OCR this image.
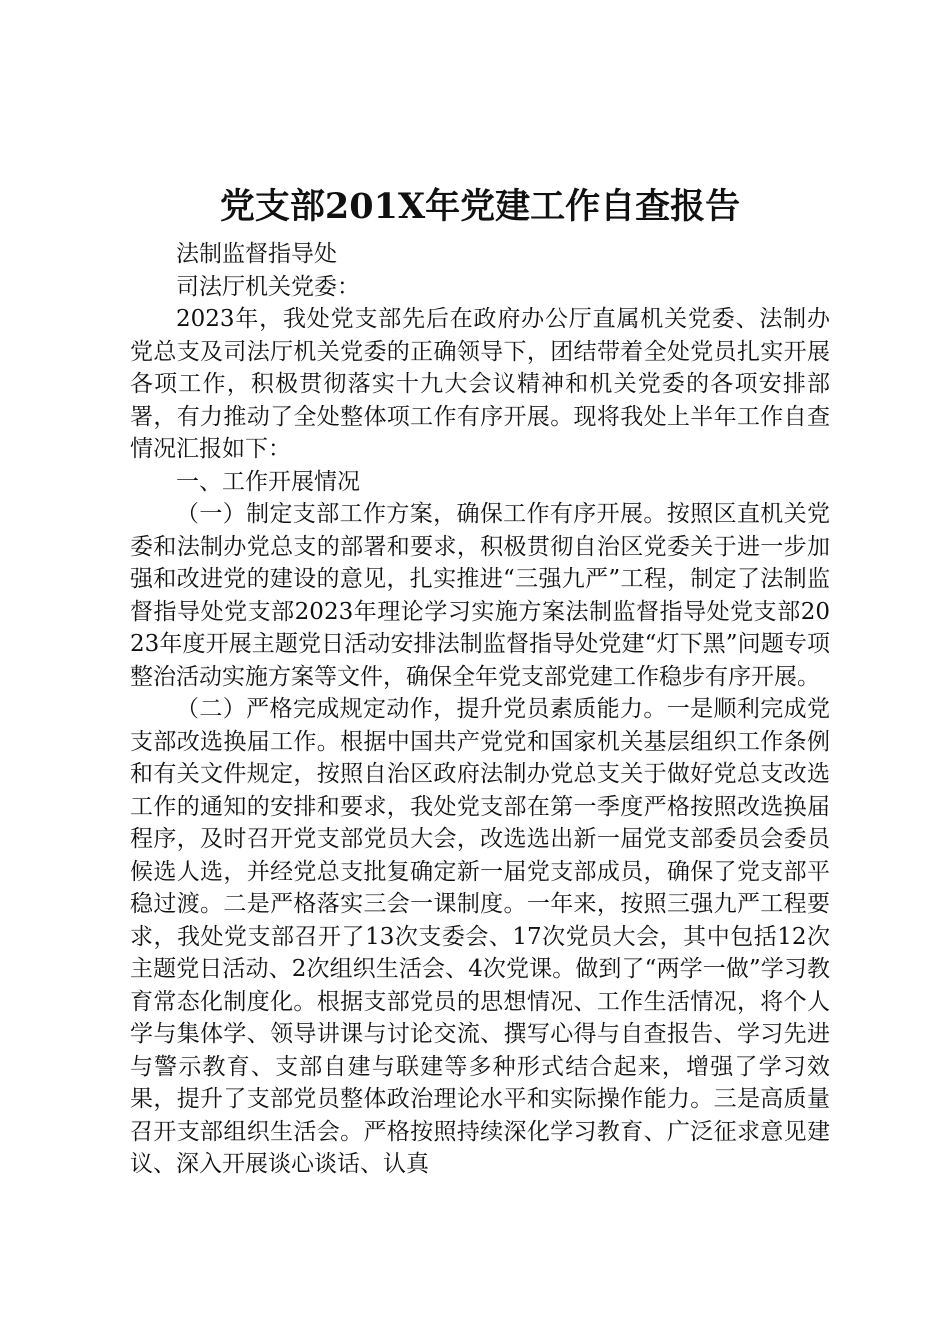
党支部201X年党建工作自查报告

法制监督指导处

司法厅机关党委：

2023年，我处党支部先后在政府办公厅直属机关党委、法制办党总支及司法厅机关党委的正确领导下，团结带着全处党员扎实开展各项工作，积极贯彻落实十九大会议精神和机关党委的各项安排部署，有力推动了全处整体项工作有序开展。现将我处上半年工作自查情况汇报如下：

一、工作开展情况

（一）制定支部工作方案，确保工作有序开展。按照区直机关党委和法制办党总支的部署和要求，积极贯彻自治区党委关于进一步加强和改进党的建设的意见，扎实推进“三强九严”工程，制定了法制监督指导处党支部2023年理论学习实施方案法制监督指导处党支部2023年度开展主题党日活动安排法制监督指导处党建“灯下黑”问题专项整治活动实施方案等文件，确保全年党支部党建工作稳步有序开展。

（二）严格完成规定动作，提升党员素质能力。一是顺利完成党支部改选换届工作。根据中国共产党党和国家机关基层组织工作条例和有关文件规定，按照自治区政府法制办党总支关于做好党总支改选工作的通知的安排和要求，我处党支部在第一季度严格按照改选换届程序，及时召开党支部党员大会，改选选出新一届党支部委员会委员候选人选，并经党总支批复确定新一届党支部成员，确保了党支部平稳过渡。二是严格落实三会一课制度。一年来，按照三强九严工程要求，我处党支部召开了13次支委会、17次党员大会，其中包括12次主题党日活动、2次组织生活会、4次党课。做到了“两学一做”学习教育常态化制度化。根据支部党员的思想情况、工作生活情况，将个人学与集体学、领导讲课与讨论交流、撰写心得与自查报告、学习先进与警示教育、支部自建与联建等多种形式结合起来，增强了学习效果，提升了支部党员整体政治理论水平和实际操作能力。三是高质量召开支部组织生活会。严格按照持续深化学习教育、广泛征求意见建议、深入开展谈心谈话、认真
